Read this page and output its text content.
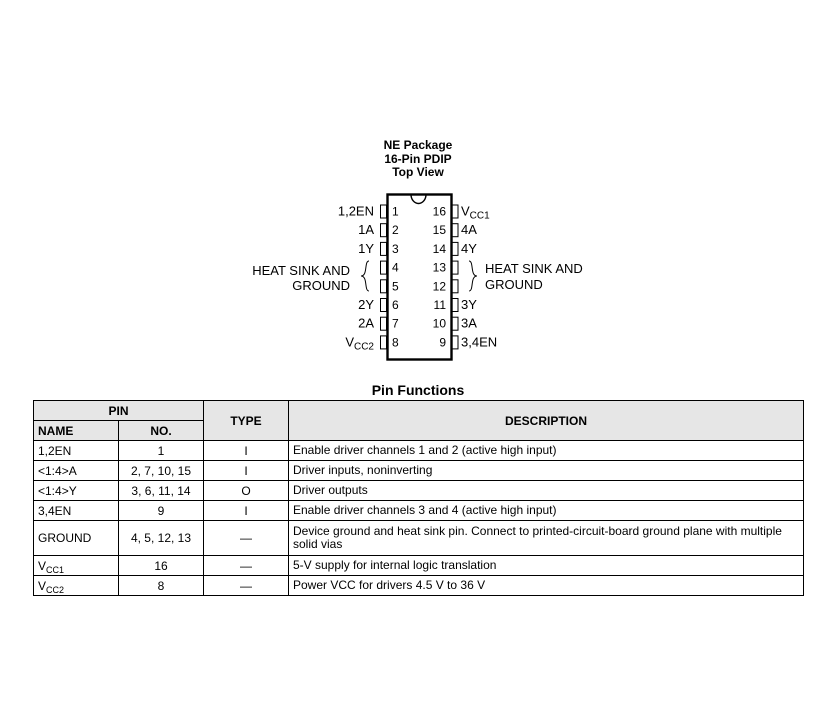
NE Package
16-Pin PDIP
Top View
HEAT SINK AND
GROUND
HEAT SINK AND
GROUND
1
1,2EN
2
1A
3
1Y
4
5
6
2Y
7
2A
8
$V_{CC2}$
16 $V_{CC1}$
15 4A
14 4Y
13
12
11 3Y
10 3A
9 3,4EN
Pin Functions
PIN		TYPE	DESCRIPTION
NAME	NO.		
1,2EN	1	I	Enable driver channels 1 and 2 (active high input)
<1:4>A	2, 7, 10, 15	I	Driver inputs, noninverting
<1:4>Y	3, 6, 11, 14	O	Driver outputs
3,4EN	9	I	Enable driver channels 3 and 4 (active high input)
GROUND	4, 5, 12, 13	—	Device ground and heat sink pin. Connect to printed-circuit-board ground plane with multiple solid vias
$V_{CC1}$	16	—	5-V supply for internal logic translation
$V_{CC2}$	8	—	Power VCC for drivers 4.5 V to 36 V
